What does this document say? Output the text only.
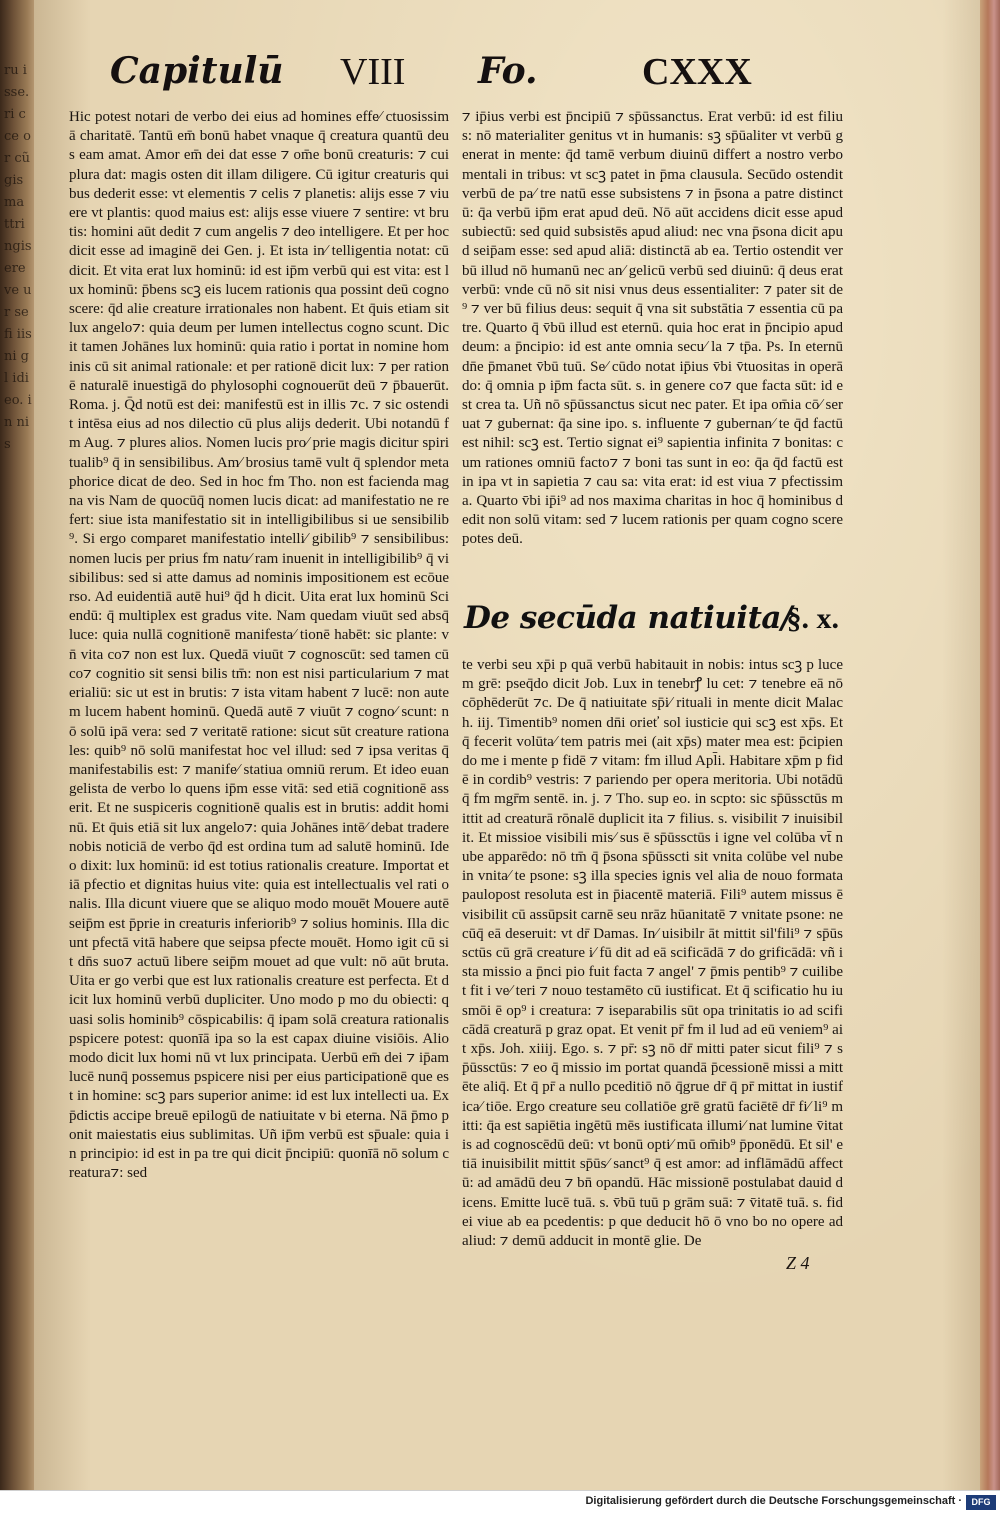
ru isse. ri cce or cũ gis ma ttri ngis ere ve ur se fi iis ni gl idi eo. in nis
Capitulū VIII Fo.	CXXX
Hic potest notari de verbo dei eius ad homines effe∕ ctuosissimā charitatē. Tantū em̄ bonū habet vnaque q̄ creatura quantū deus eam amat. Amor em̄ dei dat esse ⁊ om̄e bonū creaturis: ⁊ cui plura dat: magis osten dit illam diligere. Cū igitur creaturis quibus dederit esse: vt elementis ⁊ celis ⁊ planetis: alijs esse ⁊ viuere vt plantis: quod maius est: alijs esse viuere ⁊ sentire: vt bru tis: homini aūt dedit ⁊ cum angelis ⁊ deo intelligere. Et per hoc dicit esse ad imaginē dei Gen. j. Et ista in∕ telligentia notat: cū dicit. Et vita erat lux hominū: id est ip̄m verbū qui est vita: est lux hominū: p̄bens scꝫ eis lucem rationis qua possint deū cognoscere: q̄d alie creature irrationales non habent. Et q̄uis etiam sit lux angelo⁊: quia deum per lumen intellectus cogno scunt. Dicit tamen Johānes lux hominū: quia ratio i portat in nomine hominis cū sit animal rationale: et per rationē dicit lux: ⁊ per rationē naturalē inuestigā do phylosophi cognouerūt deū ⁊ p̄bauerūt. Roma. j. Q̄d notū est dei: manifestū est in illis ⁊c. ⁊ sic ostendit intēsa eius ad nos dilectio cū plus alijs dederit. Ubi notandū fm Aug. ⁊ plures alios. Nomen lucis pro∕ prie magis dicitur spiritualib⁹ q̄ in sensibilibus. Am∕ brosius tamē vult q̄ splendor metaphorice dicat de deo. Sed in hoc fm Tho. non est facienda magna vis Nam de quocūq̄ nomen lucis dicat: ad manifestatio ne refert: siue ista manifestatio sit in intelligibilibus si ue sensibilib⁹. Si ergo comparet manifestatio intelli∕ gibilib⁹ ⁊ sensibilibus: nomen lucis per prius fm natu∕ ram inuenit in intelligibilib⁹ q̄ visibilibus: sed si atte damus ad nominis impositionem est ecōuerso. Ad euidentiā autē hui⁹ q̄d h dicit. Uita erat lux hominū Sciendū: q̄ multiplex est gradus vite. Nam quedam viuūt sed absq̄ luce: quia nullā cognitionē manifesta∕ tionē habēt: sic plante: vn̄ vita co⁊ non est lux. Quedā viuūt ⁊ cognoscūt: sed tamen cū co⁊ cognitio sit sensi bilis tm̄: non est nisi particularium ⁊ materialiū: sic ut est in brutis: ⁊ ista vitam habent ⁊ lucē: non autem lucem habent hominū. Quedā autē ⁊ viuūt ⁊ cogno∕ scunt: nō solū ipā vera: sed ⁊ veritatē ratione: sicut sūt creature rationales: quib⁹ nō solū manifestat hoc vel illud: sed ⁊ ipsa veritas q̄ manifestabilis est: ⁊ manife∕ statiua omniū rerum. Et ideo euangelista de verbo lo quens ip̄m esse vitā: sed etiā cognitionē asserit. Et ne suspiceris cognitionē qualis est in brutis: addit homi nū. Et q̄uis etiā sit lux angelo⁊: quia Johānes intē∕ debat tradere nobis noticiā de verbo q̄d est ordina tum ad salutē hominū. Ideo dixit: lux hominū: id est totius rationalis creature. Importat etiā pfectio et dignitas huius vite: quia est intellectualis vel rati onalis. Illa dicunt viuere que se aliquo modo mouēt Mouere autē seip̄m est p̄prie in creaturis inferiorib⁹ ⁊ solius hominis. Illa dicunt pfectā vitā habere que seipsa pfecte mouēt. Homo igit cū sit dn̄s suo⁊ actuū libere seip̄m mouet ad que vult: nō aūt bruta. Uita er go verbi que est lux rationalis creature est perfecta. Et dicit lux hominū verbū dupliciter. Uno modo p mo du obiecti: quasi solis hominib⁹ cōspicabilis: q̄ ipam solā creatura rationalis pspicere potest: quonīā ipa so la est capax diuine visiōis. Alio modo dicit lux homi nū vt lux principata. Uerbū em̄ dei ⁊ ip̄am lucē nunq̄ possemus pspicere nisi per eius participationē que est in homine: scꝫ pars superior anime: id est lux intellecti ua. Ex p̄dictis accipe breuē epilogū de natiuitate v bi eterna. Nā p̄mo ponit maiestatis eius sublimitas. Uñ ip̄m verbū est sp̄uale: quia in principio: id est in pa tre qui dicit p̄ncipiū: quonīā nō solum creatura⁊: sed
⁊ ip̄ius verbi est p̄ncipiū ⁊ sp̄ūssanctus. Erat verbū: id est filius: nō materialiter genitus vt in humanis: sꝫ sp̄ūaliter vt verbū generat in mente: q̄d tamē verbum diuinū differt a nostro verbo mentali in tribus: vt scꝫ patet in p̄ma clausula. Secūdo ostendit verbū de pa∕ tre natū esse subsistens ⁊ in p̄sona a patre distinctū: q̄a verbū ip̄m erat apud deū. Nō aūt accidens dicit esse apud subiectū: sed quid subsistēs apud aliud: nec vna p̄sona dicit apud seip̄am esse: sed apud aliā: distinctā ab ea. Tertio ostendit verbū illud nō humanū nec an∕ gelicū verbū sed diuinū: q̄ deus erat verbū: vnde cū nō sit nisi vnus deus essentialiter: ⁊ pater sit de⁹ ⁊ ver bū filius deus: sequit q̄ vna sit substātia ⁊ essentia cū patre. Quarto q̄ v̄bū illud est eternū. quia hoc erat in p̄ncipio apud deum: a p̄ncipio: id est ante omnia secu∕ la ⁊ tp̄a. Ps. In eternū dn̄e p̄manet v̄bū tuū. Se∕ cūdo notat ip̄ius v̄bi v̄tuositas in operādo: q̄ omnia p ip̄m facta sūt. s. in genere co⁊ que facta sūt: id est crea ta. Uñ nō sp̄ūssanctus sicut nec pater. Et ipa om̄ia cō∕ seruat ⁊ gubernat: q̄a sine ipo. s. influente ⁊ gubernan∕ te q̄d factū est nihil: scꝫ est. Tertio signat ei⁹ sapientia infinita ⁊ bonitas: cum rationes omniū facto⁊ ⁊ boni tas sunt in eo: q̄a q̄d factū est in ipa vt in sapietia ⁊ cau sa: vita erat: id est viua ⁊ pfectissima. Quarto v̄bi ip̄i⁹ ad nos maxima charitas in hoc q̄ hominibus dedit non solū vitam: sed ⁊ lucem rationis per quam cogno scere potes deū.
De secūda natiuita∕
§. x.
te verbi seu xp̄i p quā verbū habitauit in nobis: intus scꝫ p lucem grē: pseq̄do dicit Job. Lux in tenebrꝭ lu cet: ⁊ tenebre eā nō cōphēderūt ⁊c. De q̄ natiuitate sp̄i∕ rituali in mente dicit Malach. iij. Timentib⁹ nomen dn̄i orieť sol iusticie qui scꝫ est xp̄s. Et q̄ fecerit volūta∕ tem patris mei (ait xp̄s) mater mea est: p̄cipiendo me i mente p fidē ⁊ vitam: fm illud Apl̄i. Habitare xp̄m p fidē in cordib⁹ vestris: ⁊ pariendo per opera meritoria. Ubi notādū q̄ fm mgr̄m sentē. in. j. ⁊ Tho. sup eo. in scpto: sic sp̄ūssctūs mittit ad creaturā rōnalē duplicit ita ⁊ filius. s. visibilit ⁊ inuisibilit. Et missioe visibili mis∕ sus ē sp̄ūssctūs i igne vel colūba vt̄ nube apparēdo: nō tm̄ q̄ p̄sona sp̄ūsscti sit vnita colūbe vel nube in vnita∕ te psone: sꝫ illa species ignis vel alia de nouo formata paulopost resoluta est in p̄iacentē materiā. Fili⁹ autem missus ē visibilit cū assūpsit carnē seu nrāz hūanitatē ⁊ vnitate psone: necūq̄ eā deseruit: vt dr̄ Damas. In∕ uisibilr āt mittit sil'fili⁹ ⁊ sp̄ūssctūs cū grā creature i∕ fū dit ad eā scificādā ⁊ do grificādā: vñ ista missio a p̄nci pio fuit facta ⁊ angel' ⁊ p̄mis pentib⁹ ⁊ cuilibet fit i ve∕ teri ⁊ nouo testamēto cū iustificat. Et q̄ scificatio hu iusmōi ē op⁹ i creatura: ⁊ iseparabilis sūt opa trinitatis io ad scificādā creaturā p graz opat. Et venit pr̄ fm il lud ad eū veniem⁹ ait xp̄s. Joh. xiiij. Ego. s. ⁊ pr̄: sꝫ nō dr̄ mitti pater sicut fili⁹ ⁊ sp̄ūssctūs: ⁊ eo q̄ missio im portat quandā p̄cessionē missi a mittēte aliq̄. Et q̄ pr̄ a nullo pceditiō nō q̄grue dr̄ q̄ pr̄ mittat in iustifica∕ tiōe. Ergo creature seu collatiōe grē gratū faciētē dr̄ fi∕ li⁹ mitti: q̄a est sapiētia ingētū mēs iustificata illumi∕ nat lumine v̄itatis ad cognoscēdū deū: vt bonū opti∕ mū om̄ib⁹ p̄ponēdū. Et sil' etiā inuisibilit mittit sp̄ūs∕ sanct⁹ q̄ est amor: ad inflāmādū affectū: ad amādū deu ⁊ bn̄ opandū. Hāc missionē postulabat dauid dicens. Emitte lucē tuā. s. v̄bū tuū p grām suā: ⁊ v̄itatē tuā. s. fidei viue ab ea pcedentis: p que deducit hō ō vno bo no opere ad aliud: ⁊ demū adducit in montē glie. De
Z 4
Digitalisierung gefördert durch die Deutsche Forschungsgemeinschaft ·	DFG
